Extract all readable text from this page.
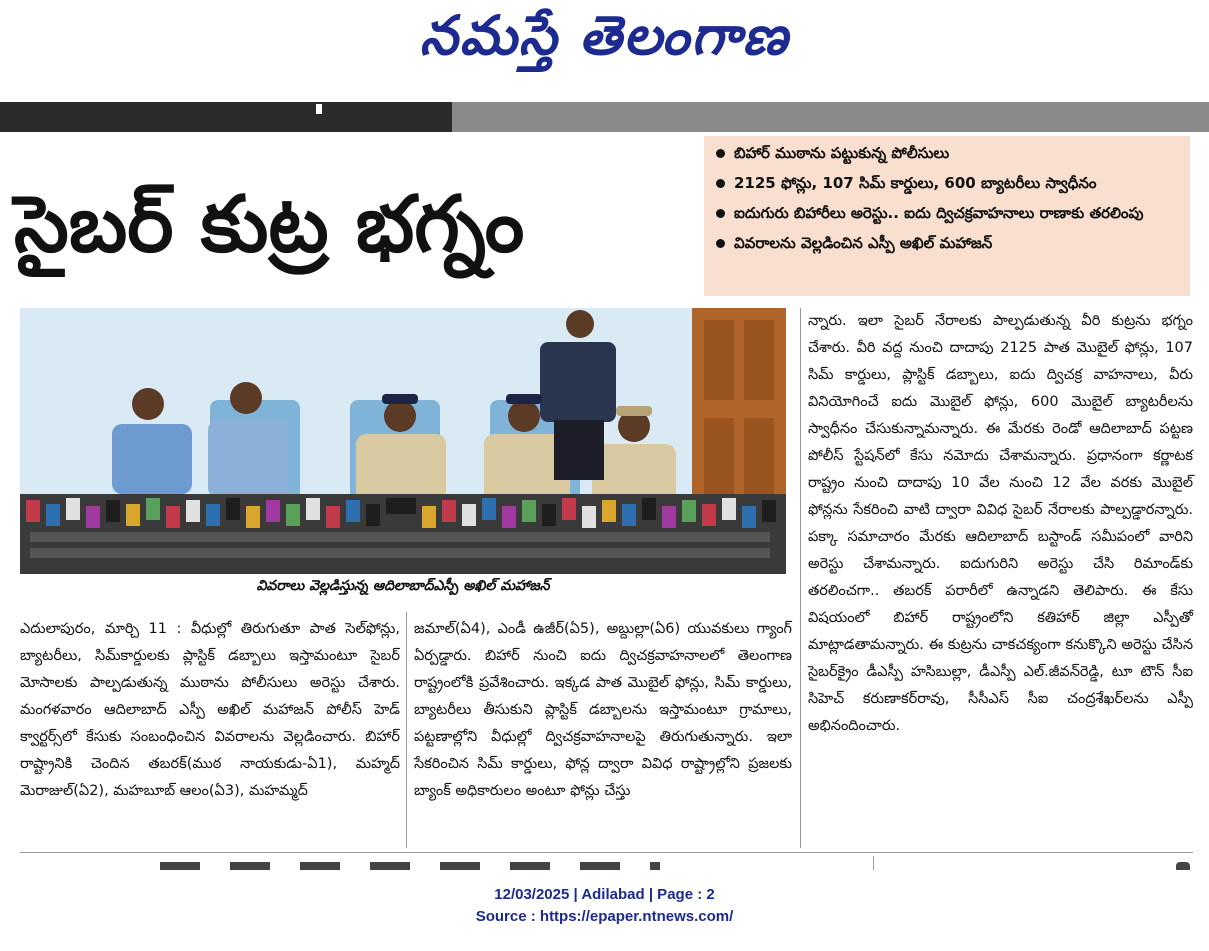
నమస్తే తెలంగాణ
సైబర్ కుట్ర భగ్నం
బిహార్ ముఠాను పట్టుకున్న పోలీసులు
2125 ఫోన్లు, 107 సిమ్ కార్డులు, 600 బ్యాటరీలు స్వాధీనం
ఐదుగురు బిహారీలు అరెస్టు.. ఐదు ద్విచక్రవాహనాలు రాణాకు తరలింపు
వివరాలను వెల్లడించిన ఎస్పీ అఖిల్ మహాజన్
వివరాలు వెల్లడిస్తున్న ఆదిలాబాద్ఎస్పీ అఖిల్ మహాజన్
ఎదులాపురం, మార్చి 11 : వీధుల్లో తిరుగుతూ పాత సెల్‌ఫోన్లు, బ్యాటరీలు, సిమ్‌కార్డులకు ప్లాస్టిక్ డబ్బాలు ఇస్తామంటూ సైబర్ మోసాలకు పాల్పడుతున్న ముఠాను పోలీసులు అరెస్టు చేశారు. మంగళవారం ఆదిలాబాద్ ఎస్పీ అఖిల్ మహాజన్ పోలీస్ హెడ్ క్వార్టర్స్‌లో కేసుకు సంబంధించిన వివరాలను వెల్లడించారు. బిహార్ రాష్ట్రానికి చెందిన తబరక్(ముఠ నాయకుడు-ఏ1), మహ్మద్ మెరాజుల్(ఏ2), మహబూబ్ ఆలం(ఏ3), మహమ్మద్
జమాల్(ఏ4), ఎండీ ఉజీర్(ఏ5), అబ్దుల్లా(ఏ6) యువకులు గ్యాంగ్ ఏర్పడ్డారు. బిహార్ నుంచి ఐదు ద్విచక్రవాహనాలలో తెలంగాణ రాష్ట్రంలోకి ప్రవేశించారు. ఇక్కడ పాత మొబైల్ ఫోన్లు, సిమ్ కార్డులు, బ్యాటరీలు తీసుకుని ప్లాస్టిక్ డబ్బాలను ఇస్తామంటూ గ్రామాలు, పట్టణాల్లోని వీధుల్లో ద్విచక్రవాహనాలపై తిరుగుతున్నారు. ఇలా సేకరించిన సిమ్ కార్డులు, ఫోన్ల ద్వారా వివిధ రాష్ట్రాల్లోని ప్రజలకు బ్యాంక్ అధికారులం అంటూ ఫోన్లు చేస్తు
న్నారు. ఇలా సైబర్ నేరాలకు పాల్పడుతున్న వీరి కుట్రను భగ్నం చేశారు. వీరి వద్ద నుంచి దాదాపు 2125 పాత మొబైల్ ఫోన్లు, 107 సిమ్ కార్డులు, ప్లాస్టిక్ డబ్బాలు, ఐదు ద్విచక్ర వాహనాలు, వీరు వినియోగించే ఐదు మొబైల్ ఫోన్లు, 600 మొబైల్ బ్యాటరీలను స్వాధీనం చేసుకున్నామన్నారు. ఈ మేరకు రెండో ఆదిలాబాద్ పట్టణ పోలీస్ స్టేషన్‌లో కేసు నమోదు చేశామన్నారు. ప్రధానంగా కర్ణాటక రాష్ట్రం నుంచి దాదాపు 10 వేల నుంచి 12 వేల వరకు మొబైల్ ఫోన్లను సేకరించి వాటి ద్వారా వివిధ సైబర్ నేరాలకు పాల్పడ్డారన్నారు. పక్కా సమాచారం మేరకు ఆదిలాబాద్ బస్టాండ్ సమీపంలో వారిని అరెస్టు చేశామన్నారు. ఐదుగురిని అరెస్టు చేసి రిమాండ్‌కు తరలించగా.. తబరక్ పరారీలో ఉన్నాడని తెలిపారు. ఈ కేసు విషయంలో బిహార్ రాష్ట్రంలోని కతిహార్ జిల్లా ఎస్పీతో మాట్లాడతామన్నారు. ఈ కుట్రను చాకచక్యంగా కనుక్కొని అరెస్టు చేసిన సైబర్‌క్రైం డీఎస్పీ హసిబుల్లా, డీఎస్పీ ఎల్.జీవన్‌రెడ్డి, టూ టౌన్ సీఐ సిహెచ్ కరుణాకర్‌రావు, సీసీఎస్ సీఐ చంద్రశేఖర్‌లను ఎస్పీ అభినందించారు.
12/03/2025 | Adilabad | Page : 2
Source : https://epaper.ntnews.com/
